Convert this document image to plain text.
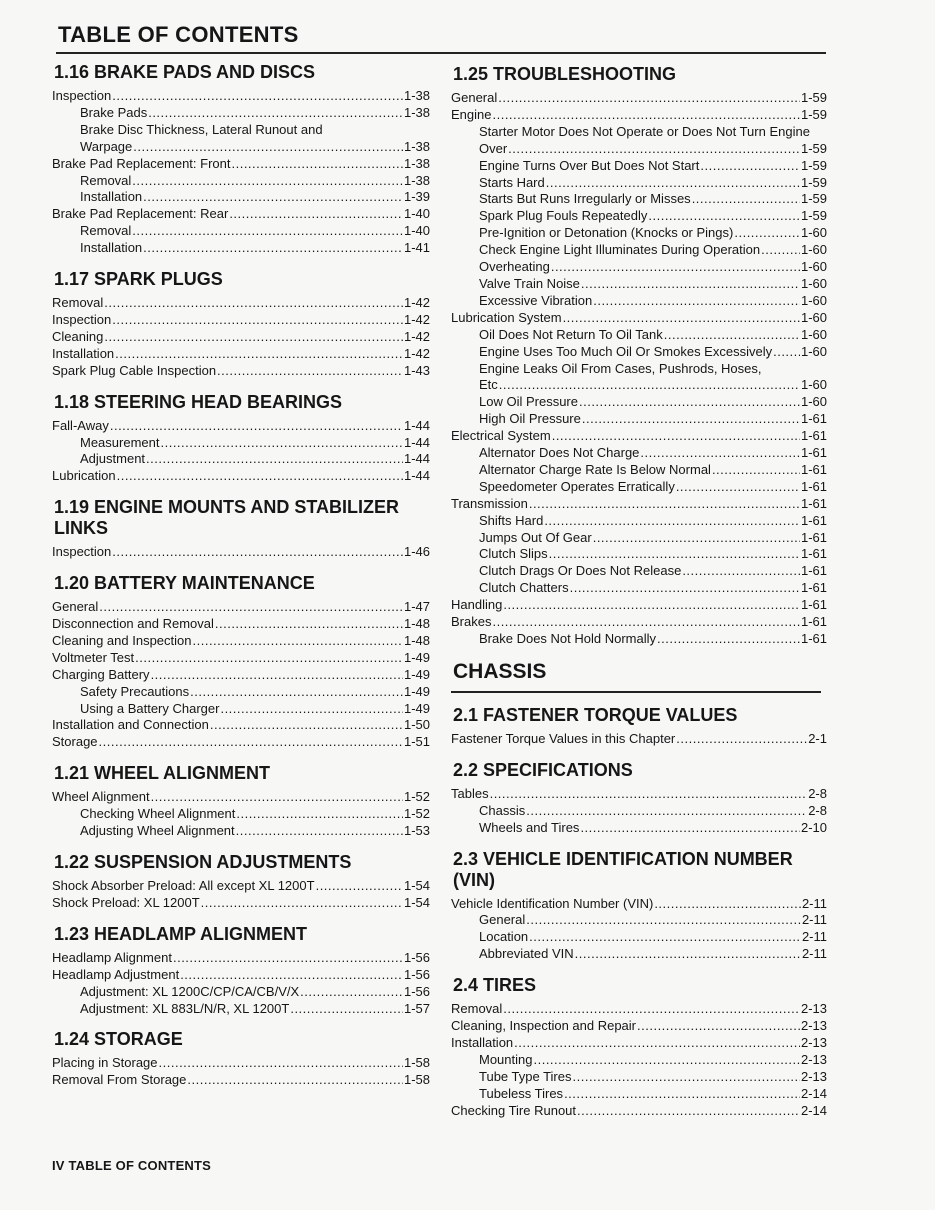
TABLE OF CONTENTS
1.16 BRAKE PADS AND DISCS
Inspection .....	1-38
Brake Pads .....	1-38
Brake Disc Thickness, Lateral Runout and
Warpage .....	1-38
Brake Pad Replacement: Front .....	1-38
Removal .....	1-38
Installation .....	1-39
Brake Pad Replacement: Rear .....	1-40
Removal .....	1-40
Installation .....	1-41
1.17 SPARK PLUGS
Removal .....	1-42
Inspection .....	1-42
Cleaning .....	1-42
Installation .....	1-42
Spark Plug Cable Inspection .....	1-43
1.18 STEERING HEAD BEARINGS
Fall-Away .....	1-44
Measurement .....	1-44
Adjustment .....	1-44
Lubrication .....	1-44
1.19 ENGINE MOUNTS AND STABILIZER LINKS
Inspection .....	1-46
1.20 BATTERY MAINTENANCE
General .....	1-47
Disconnection and Removal .....	1-48
Cleaning and Inspection .....	1-48
Voltmeter Test .....	1-49
Charging Battery .....	1-49
Safety Precautions .....	1-49
Using a Battery Charger .....	1-49
Installation and Connection .....	1-50
Storage .....	1-51
1.21 WHEEL ALIGNMENT
Wheel Alignment .....	1-52
Checking Wheel Alignment .....	1-52
Adjusting Wheel Alignment .....	1-53
1.22 SUSPENSION ADJUSTMENTS
Shock Absorber Preload: All except XL 1200T .....	1-54
Shock Preload: XL 1200T .....	1-54
1.23 HEADLAMP ALIGNMENT
Headlamp Alignment .....	1-56
Headlamp Adjustment .....	1-56
Adjustment: XL 1200C/CP/CA/CB/V/X .....	1-56
Adjustment: XL 883L/N/R, XL 1200T .....	1-57
1.24 STORAGE
Placing in Storage .....	1-58
Removal From Storage .....	1-58
1.25 TROUBLESHOOTING
General .....	1-59
Engine .....	1-59
Starter Motor Does Not Operate or Does Not Turn Engine
Over .....	1-59
Engine Turns Over But Does Not Start .....	1-59
Starts Hard .....	1-59
Starts But Runs Irregularly or Misses .....	1-59
Spark Plug Fouls Repeatedly .....	1-59
Pre-Ignition or Detonation (Knocks or Pings) .....	1-60
Check Engine Light Illuminates During Operation .....	1-60
Overheating .....	1-60
Valve Train Noise .....	1-60
Excessive Vibration .....	1-60
Lubrication System .....	1-60
Oil Does Not Return To Oil Tank .....	1-60
Engine Uses Too Much Oil Or Smokes Excessively ..... 1-60
Engine Leaks Oil From Cases, Pushrods, Hoses,
Etc .....	1-60
Low Oil Pressure .....	1-60
High Oil Pressure .....	1-61
Electrical System .....	1-61
Alternator Does Not Charge .....	1-61
Alternator Charge Rate Is Below Normal .....	1-61
Speedometer Operates Erratically .....	1-61
Transmission .....	1-61
Shifts Hard .....	1-61
Jumps Out Of Gear .....	1-61
Clutch Slips .....	1-61
Clutch Drags Or Does Not Release .....	1-61
Clutch Chatters .....	1-61
Handling .....	1-61
Brakes .....	1-61
Brake Does Not Hold Normally .....	1-61
CHASSIS
2.1 FASTENER TORQUE VALUES
Fastener Torque Values in this Chapter .....	2-1
2.2 SPECIFICATIONS
Tables .....	2-8
Chassis .....	2-8
Wheels and Tires .....	2-10
2.3 VEHICLE IDENTIFICATION NUMBER (VIN)
Vehicle Identification Number (VIN) .....	2-11
General .....	2-11
Location .....	2-11
Abbreviated VIN .....	2-11
2.4 TIRES
Removal .....	2-13
Cleaning, Inspection and Repair .....	2-13
Installation .....	2-13
Mounting .....	2-13
Tube Type Tires .....	2-13
Tubeless Tires .....	2-14
Checking Tire Runout .....	2-14
IV TABLE OF CONTENTS
